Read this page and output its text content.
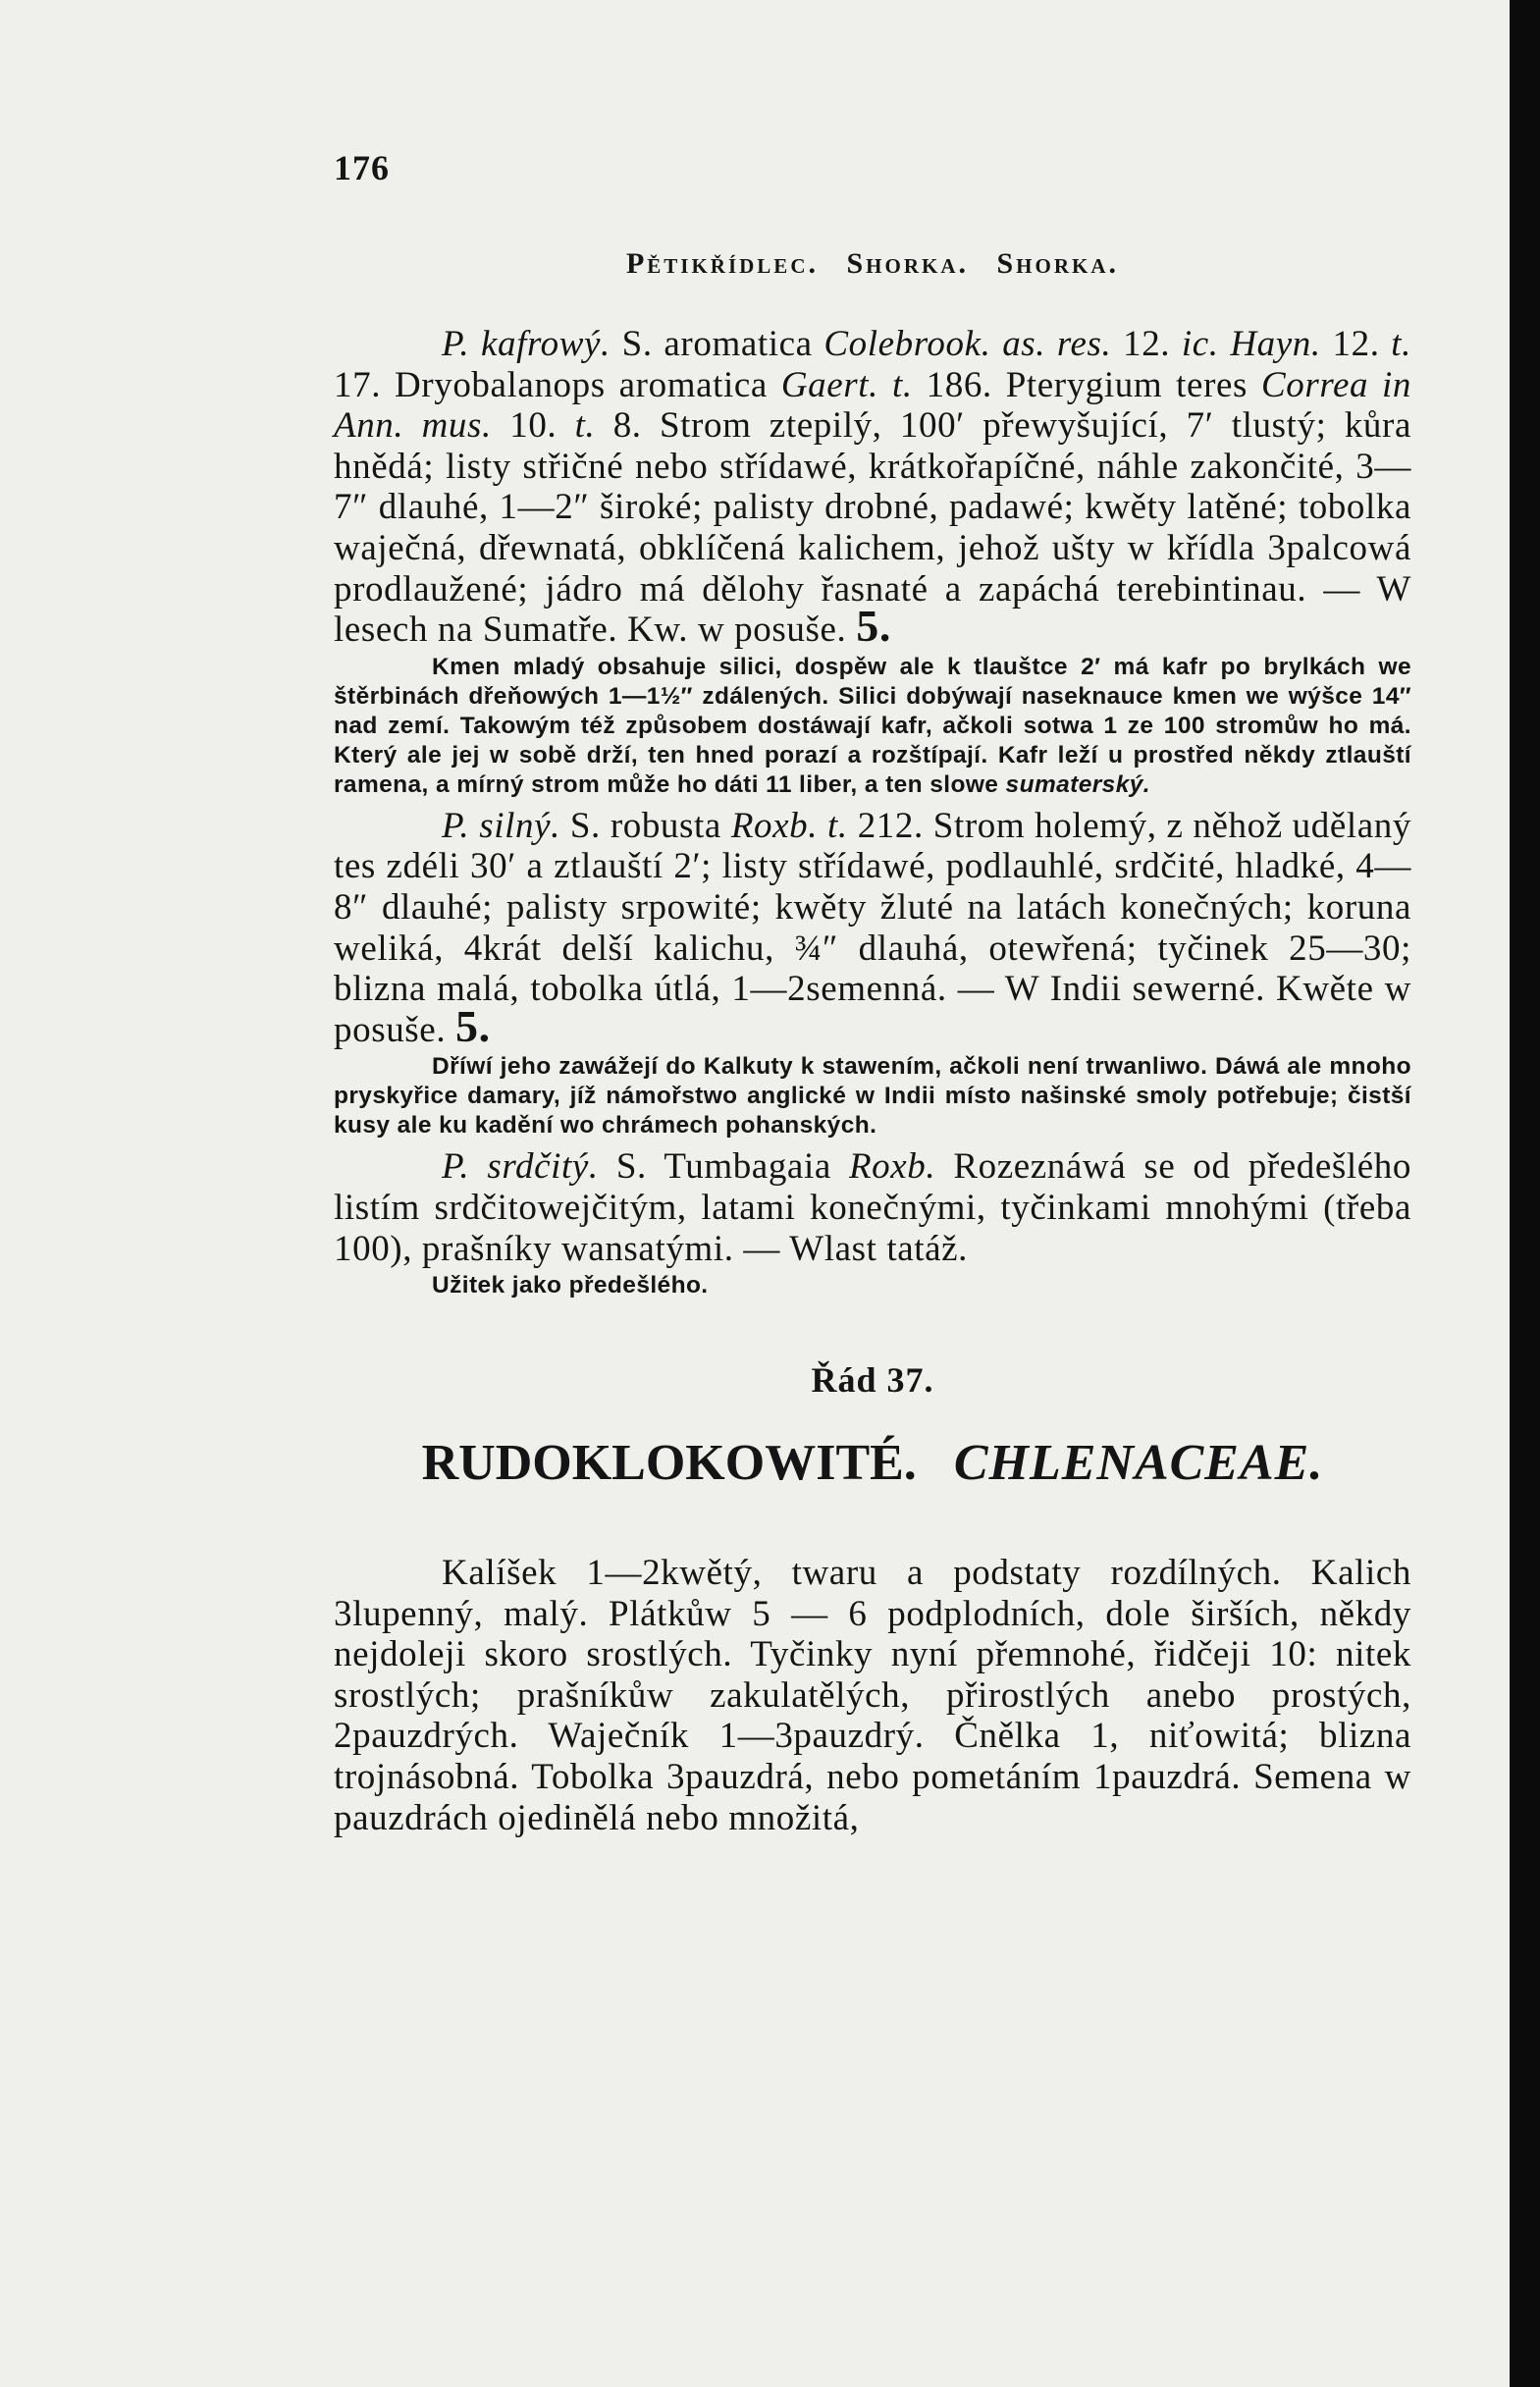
176
Pětikřídlec. Shorka. Shorka.

P. kafrowý. S. aromatica Colebrook. as. res. 12. ic. Hayn. 12. t. 17. Dryobalanops aromatica Gaert. t. 186. Pterygium teres Correa in Ann. mus. 10. t. 8. Strom ztepilý, 100′ přewyšující, 7′ tlustý; kůra hnědá; listy střičné nebo střídawé, krátkořapíčné, náhle zakončité, 3—7″ dlauhé, 1—2″ široké; palisty drobné, padawé; kwěty latěné; tobolka waječná, dřewnatá, obklíčená kalichem, jehož ušty w křídla 3palcowá prodlaužené; jádro má dělohy řasnaté a zapáchá terebintinau. — W lesech na Sumatře. Kw. w posuše. 5.

Kmen mladý obsahuje silici, dospěw ale k tlauštce 2′ má kafr po brylkách we štěrbinách dřeňowých 1—1½″ zdálených. Silici dobýwají naseknauce kmen we wýšce 14″ nad zemí. Takowým též způsobem dostáwají kafr, ačkoli sotwa 1 ze 100 stromůw ho má. Který ale jej w sobě drží, ten hned porazí a rozštípají. Kafr leží u prostřed někdy ztlauští ramena, a mírný strom může ho dáti 11 liber, a ten slowe sumaterský.

P. silný. S. robusta Roxb. t. 212. Strom holemý, z něhož udělaný tes zdéli 30′ a ztlauští 2′; listy střídawé, podlauhlé, srdčité, hladké, 4—8″ dlauhé; palisty srpowité; kwěty žluté na latách konečných; koruna weliká, 4krát delší kalichu, ¾″ dlauhá, otewřená; tyčinek 25—30; blizna malá, tobolka útlá, 1—2semenná. — W Indii sewerné. Kwěte w posuše. 5.

Dříwí jeho zawážejí do Kalkuty k stawením, ačkoli není trwanliwo. Dáwá ale mnoho pryskyřice damary, jíž námořstwo anglické w Indii místo našinské smoly potřebuje; čistší kusy ale ku kadění wo chrámech pohanských.

P. srdčitý. S. Tumbagaia Roxb. Rozeznáwá se od předešlého listím srdčitowejčitým, latami konečnými, tyčinkami mnohými (třeba 100), prašníky wansatými. — Wlast tatáž.

Užitek jako předešlého.

Řád 37.
RUDOKLOKOWITÉ. CHLENACEAE.

Kalíšek 1—2kwětý, twaru a podstaty rozdílných. Kalich 3lupenný, malý. Plátkůw 5 — 6 podplodních, dole širších, někdy nejdoleji skoro srostlých. Tyčinky nyní přemnohé, řidčeji 10: nitek srostlých; prašníkůw zakulatělých, přirostlých anebo prostých, 2pauzdrých. Waječník 1—3pauzdrý. Čnělka 1, niťowitá; blizna trojnásobná. Tobolka 3pauzdrá, nebo pometáním 1pauzdrá. Semena w pauzdrách ojedinělá nebo množitá,
